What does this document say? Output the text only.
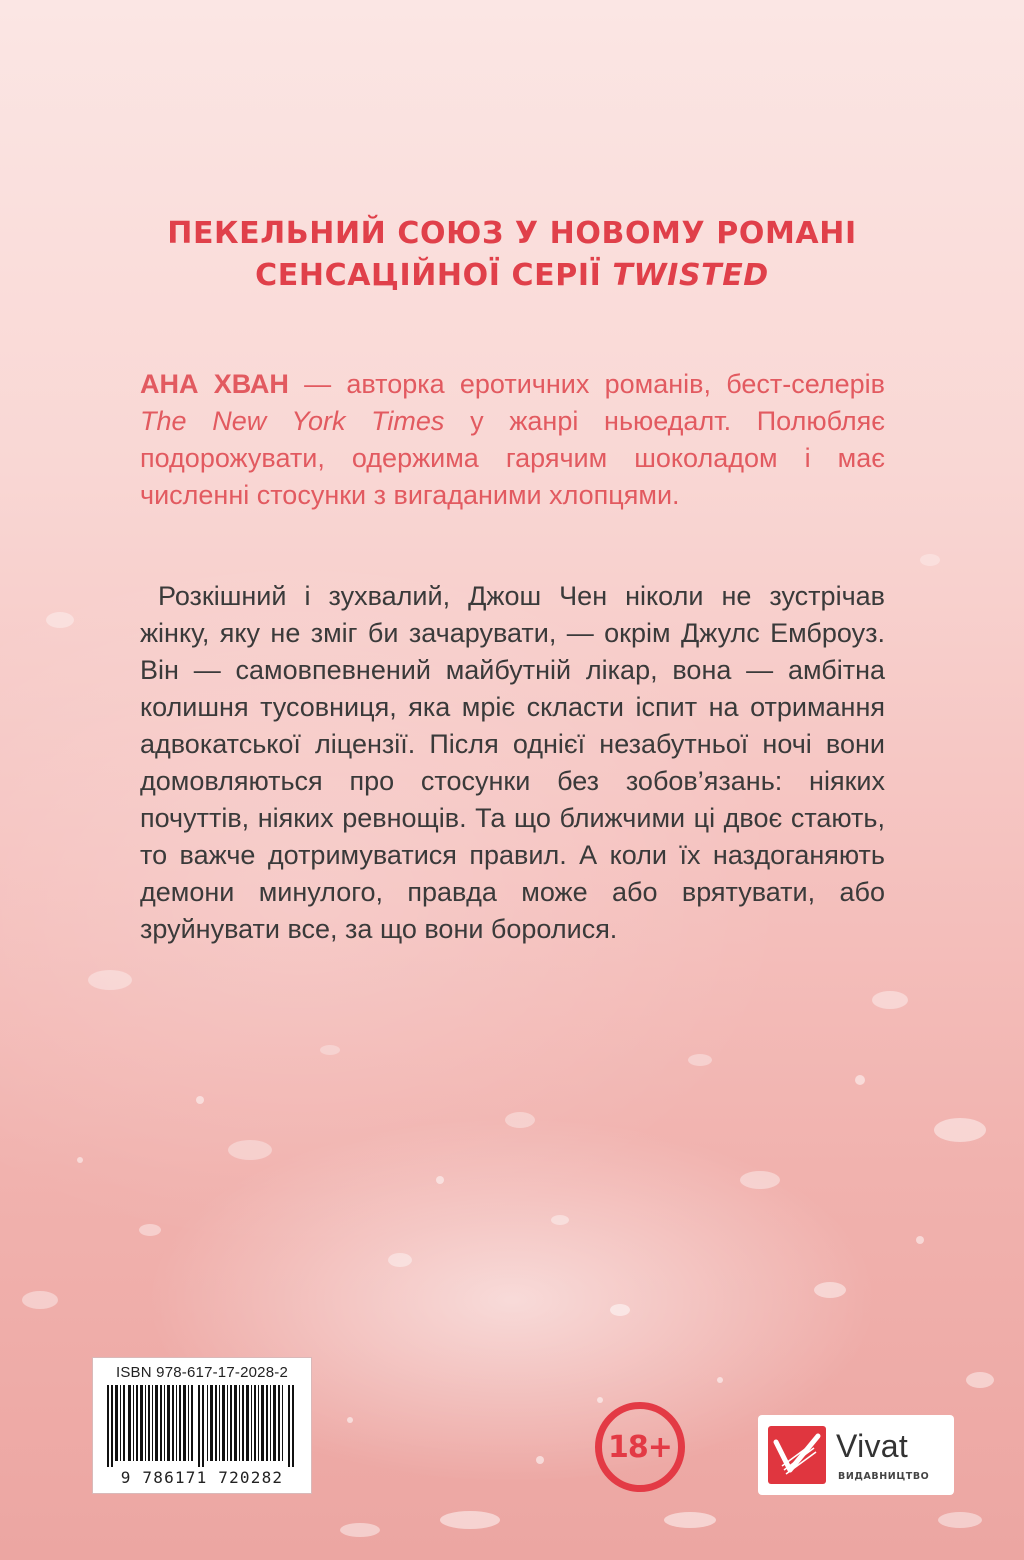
ПЕКЕЛЬНИЙ СОЮЗ У НОВОМУ РОМАНІ
СЕНСАЦІЙНОЇ СЕРІЇ TWISTED
АНА ХВАН — авторка еротичних романів, бест-селерів The New York Times у жанрі ньюедалт. Полюбляє подорожувати, одержима гарячим шоколадом і має численні стосунки з вигаданими хлопцями.
Розкішний і зухвалий, Джош Чен ніколи не зустрічав жінку, яку не зміг би зачарувати, — окрім Джулс Емброуз. Він — самовпевнений майбутній лікар, вона — амбітна колишня тусовниця, яка мріє скласти іспит на отримання адвокатської ліцензії. Після однієї незабутньої ночі вони домовляються про стосунки без зобов’язань: ніяких почуттів, ніяких ревнощів. Та що ближчими ці двоє стають, то важче дотримуватися правил. А коли їх наздоганяють демони минулого, правда може або врятувати, або зруйнувати все, за що вони боролися.
ISBN 978-617-17-2028-2
9 786171 720282
18+	Vivat
ВИДАВНИЦТВО
